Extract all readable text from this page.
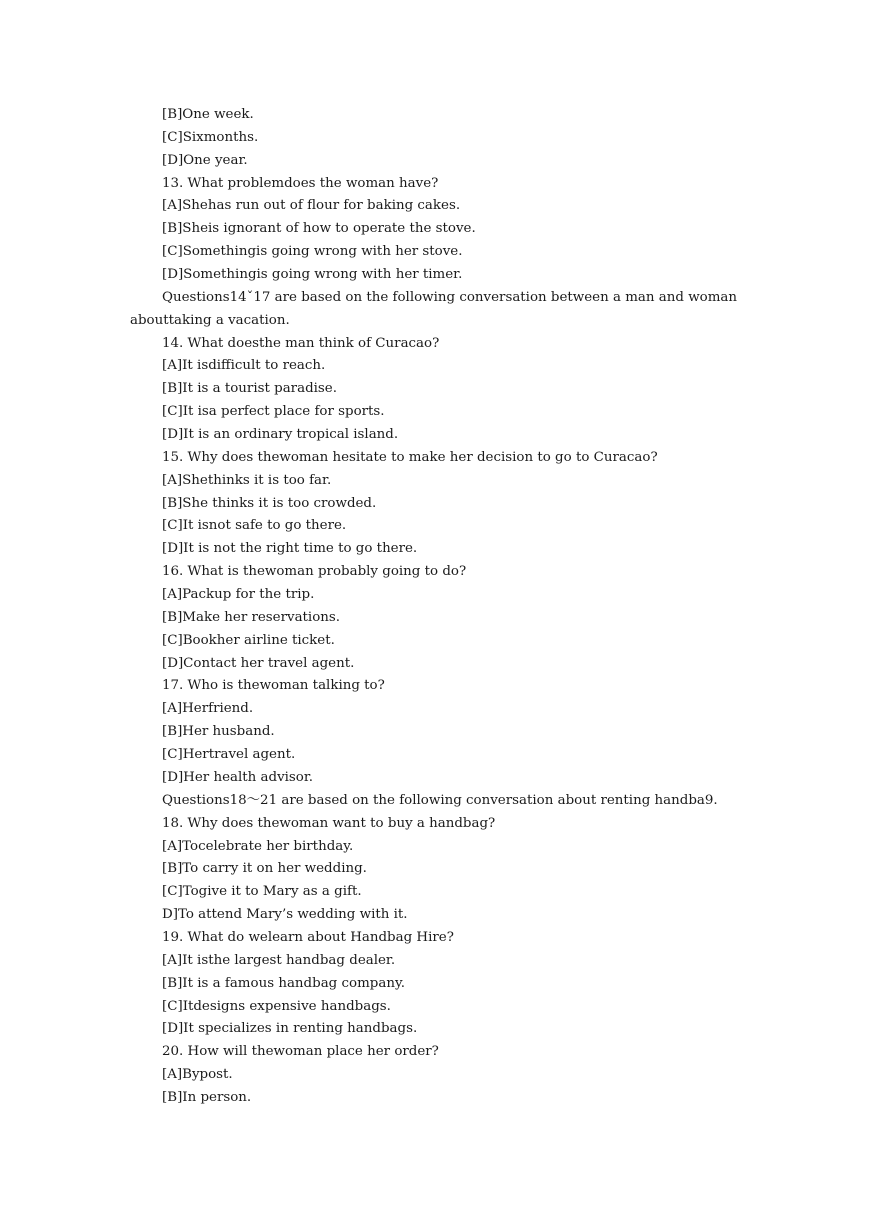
[B]One week.
[C]Sixmonths.
[D]One year.
13. What problemdoes the woman have?
[A]Shehas run out of flour for baking cakes.
[B]Sheis ignorant of how to operate the stove.
[C]Somethingis going wrong with her stove.
[D]Somethingis going wrong with her timer.
Questions14ˇ17 are based on the following conversation between a man and woman
abouttaking a vacation.
14. What doesthe man think of Curacao?
[A]It isdifficult to reach.
[B]It is a tourist paradise.
[C]It isa perfect place for sports.
[D]It is an ordinary tropical island.
15. Why does thewoman hesitate to make her decision to go to Curacao?
[A]Shethinks it is too far.
[B]She thinks it is too crowded.
[C]It isnot safe to go there.
[D]It is not the right time to go there.
16. What is thewoman probably going to do?
[A]Packup for the trip.
[B]Make her reservations.
[C]Bookher airline ticket.
[D]Contact her travel agent.
17. Who is thewoman talking to?
[A]Herfriend.
[B]Her husband.
[C]Hertravel agent.
[D]Her health advisor.
Questions18～21 are based on the following conversation about renting handba9.
18. Why does thewoman want to buy a handbag?
[A]Tocelebrate her birthday.
[B]To carry it on her wedding.
[C]Togive it to Mary as a gift.
D]To attend Mary’s wedding with it.
19. What do welearn about Handbag Hire?
[A]It isthe largest handbag dealer.
[B]It is a famous handbag company.
[C]Itdesigns expensive handbags.
[D]It specializes in renting handbags.
20. How will thewoman place her order?
[A]Bypost.
[B]In person.
